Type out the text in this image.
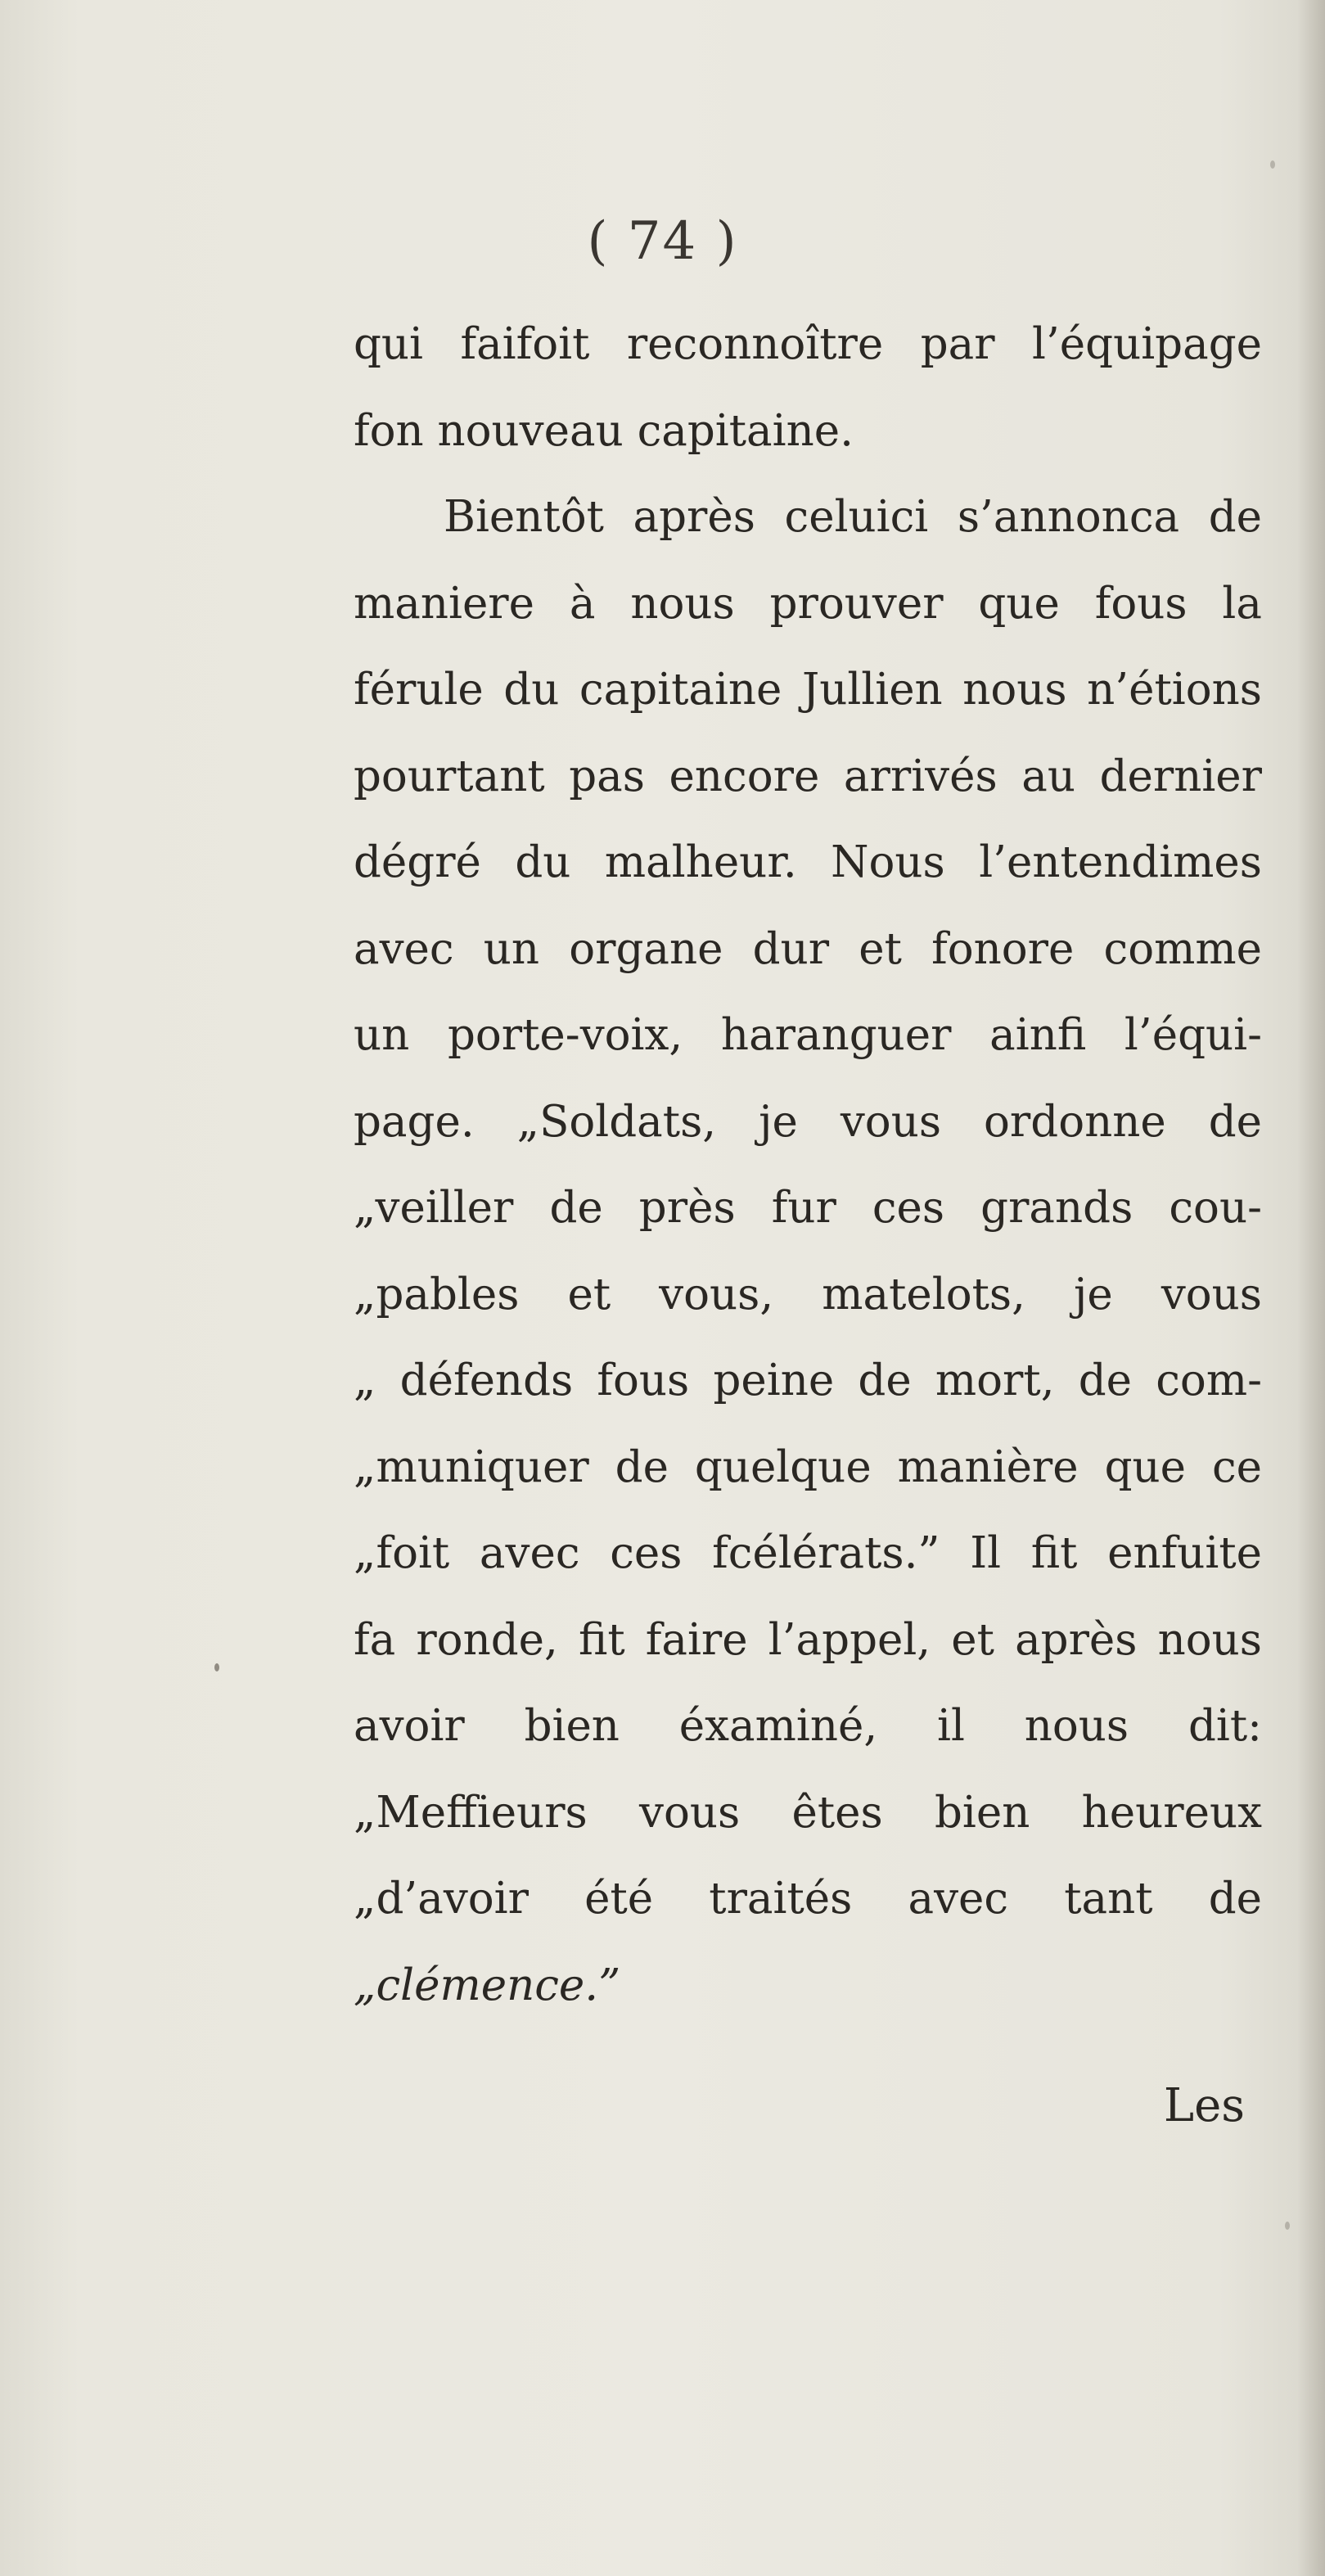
( 74 )
qui faifoit reconnoître par l’équipage
fon nouveau capitaine.
Bientôt après celuici s’annonca de
maniere à nous prouver que fous la
férule du capitaine Jullien nous n’étions
pourtant pas encore arrivés au dernier
dégré du malheur. Nous l’entendimes
avec un organe dur et fonore comme
un porte-voix, haranguer ainfi l’équi-
page. „Soldats, je vous ordonne de
„veiller de près fur ces grands cou-
„pables et vous, matelots, je vous
„ défends fous peine de mort, de com-
„muniquer de quelque manière que ce
„foit avec ces fcélérats.” Il fit enfuite
fa ronde, fit faire l’appel, et après nous
avoir bien éxaminé, il nous dit:
„Meffieurs vous êtes bien heureux
„d’avoir été traités avec tant de
„clémence.”
Les
